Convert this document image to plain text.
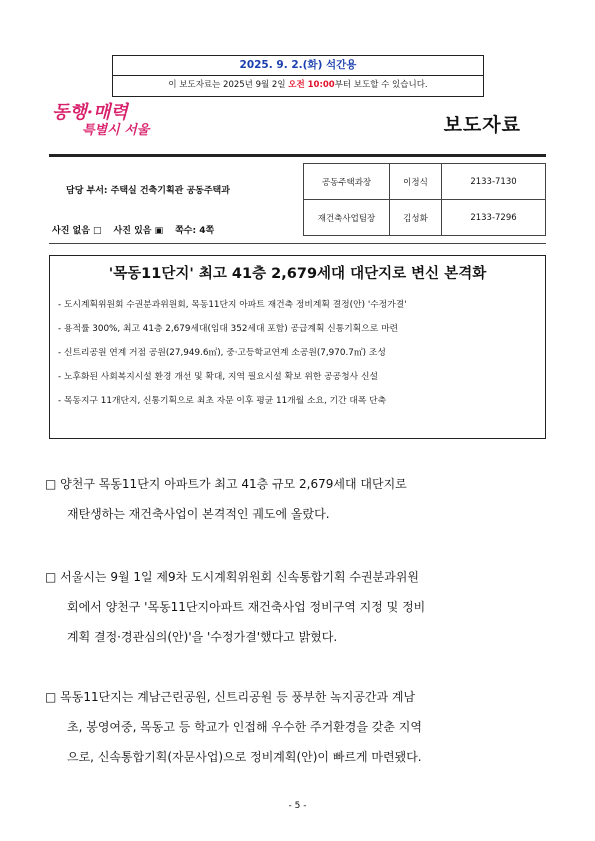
2025. 9. 2.(화) 석간용
이 보도자료는 2025년 9월 2일 오전 10:00부터 보도할 수 있습니다.
동행·매력
특별시 서울	보도자료
담당 부서: 주택실 건축기획관 공동주택과
사진 없음 □ 사진 있음 ▣ 쪽수: 4쪽
공동주택과장	이정식	2133-7130
재건축사업팀장	김성화	2133-7296
'목동11단지' 최고 41층 2,679세대 대단지로 변신 본격화
- 도시계획위원회 수권분과위원회, 목동11단지 아파트 재건축 정비계획 결정(안) '수정가결'
- 용적률 300%, 최고 41층 2,679세대(임대 352세대 포함) 공급계획 신통기획으로 마련
- 신트리공원 연계 거점 공원(27,949.6㎡), 중·고등학교연계 소공원(7,970.7㎡) 조성
- 노후화된 사회복지시설 환경 개선 및 확대, 지역 필요시설 확보 위한 공공청사 신설
- 목동지구 11개단지, 신통기획으로 최초 자문 이후 평균 11개월 소요, 기간 대폭 단축
□ 양천구 목동11단지 아파트가 최고 41층 규모 2,679세대 대단지로
재탄생하는 재건축사업이 본격적인 궤도에 올랐다.
□ 서울시는 9월 1일 제9차 도시계획위원회 신속통합기획 수권분과위원
회에서 양천구 '목동11단지아파트 재건축사업 정비구역 지정 및 정비
계획 결정·경관심의(안)'을 '수정가결'했다고 밝혔다.
□ 목동11단지는 계남근린공원, 신트리공원 등 풍부한 녹지공간과 계남
초, 봉영여중, 목동고 등 학교가 인접해 우수한 주거환경을 갖춘 지역
으로, 신속통합기획(자문사업)으로 정비계획(안)이 빠르게 마련됐다.
- 5 -
